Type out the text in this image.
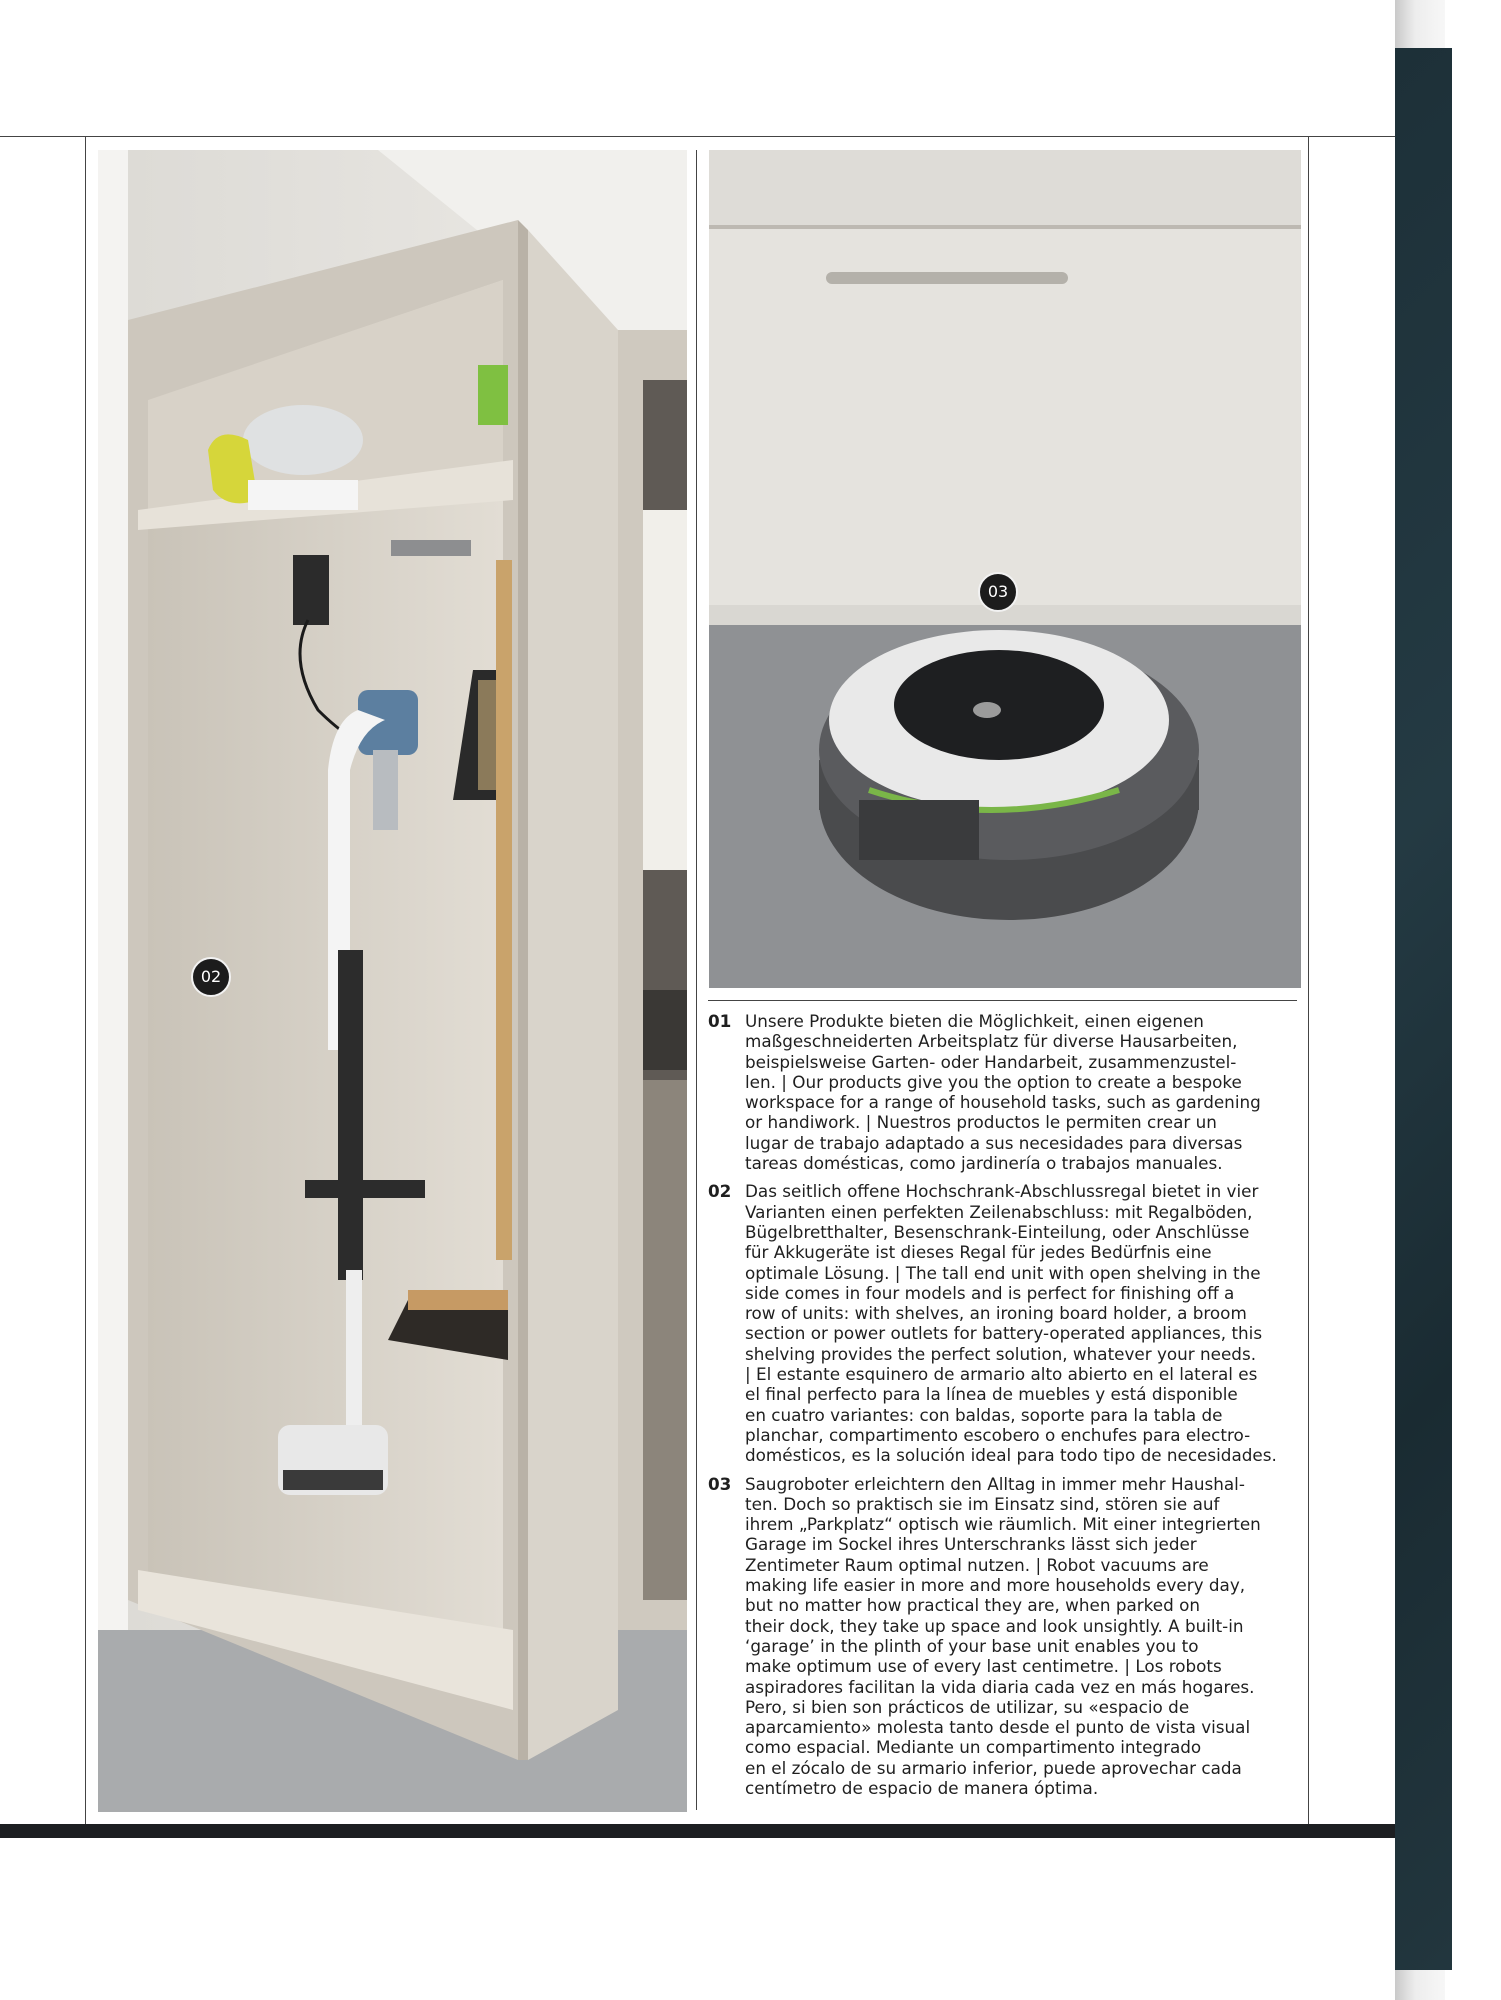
02
03
01 Unsere Produkte bieten die Möglichkeit, einen eigenen
maßgeschneiderten Arbeitsplatz für diverse Hausarbeiten,
beispielsweise Garten- oder Handarbeit, zusammenzustel-
len. | Our products give you the option to create a bespoke
workspace for a range of household tasks, such as gardening
or handiwork. | Nuestros productos le permiten crear un
lugar de trabajo adaptado a sus necesidades para diversas
tareas domésticas, como jardinería o trabajos manuales.
02 Das seitlich offene Hochschrank-Abschlussregal bietet in vier
Varianten einen perfekten Zeilenabschluss: mit Regalböden,
Bügelbretthalter, Besenschrank-Einteilung, oder Anschlüsse
für Akkugeräte ist dieses Regal für jedes Bedürfnis eine
optimale Lösung. | The tall end unit with open shelving in the
side comes in four models and is perfect for finishing off a
row of units: with shelves, an ironing board holder, a broom
section or power outlets for battery-operated appliances, this
shelving provides the perfect solution, whatever your needs.
| El estante esquinero de armario alto abierto en el lateral es
el final perfecto para la línea de muebles y está disponible
en cuatro variantes: con baldas, soporte para la tabla de
planchar, compartimento escobero o enchufes para electro-
domésticos, es la solución ideal para todo tipo de necesidades.
03 Saugroboter erleichtern den Alltag in immer mehr Haushal-
ten. Doch so praktisch sie im Einsatz sind, stören sie auf
ihrem „Parkplatz“ optisch wie räumlich. Mit einer integrierten
Garage im Sockel ihres Unterschranks lässt sich jeder
Zentimeter Raum optimal nutzen. | Robot vacuums are
making life easier in more and more households every day,
but no matter how practical they are, when parked on
their dock, they take up space and look unsightly. A built-in
‘garage’ in the plinth of your base unit enables you to
make optimum use of every last centimetre. | Los robots
aspiradores facilitan la vida diaria cada vez en más hogares.
Pero, si bien son prácticos de utilizar, su «espacio de
aparcamiento» molesta tanto desde el punto de vista visual
como espacial. Mediante un compartimento integrado
en el zócalo de su armario inferior, puede aprovechar cada
centímetro de espacio de manera óptima.
